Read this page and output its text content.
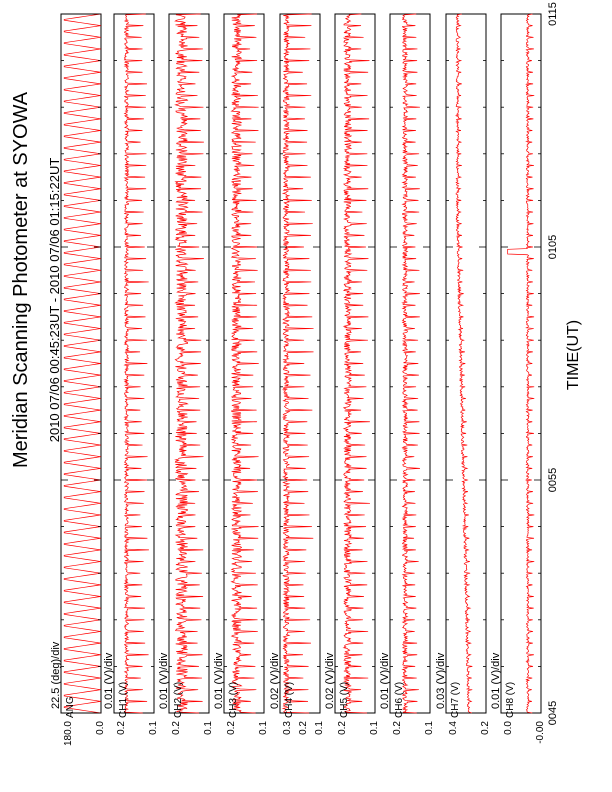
Meridian Scanning Photometer at SYOWA 2010 07/06 00:45:23UT - 2010 07/06 01:15:22UT
ANG
22.5 (deg)/div
180.0 0.0
CH1 (V)
0.01 (V)/div
0.2 0.1
CH2 (V)
0.01 (V)/div
0.2 0.1
CH3 (V)
0.01 (V)/div
0.2 0.1
CH4 (V)
0.02 (V)/div
0.3 0.2 0.1
CH5 (V)
0.02 (V)/div
0.2 0.1
CH6 (V)
0.01 (V)/div
0.2 0.1
CH7 (V)
0.03 (V)/div
0.4 0.2
CH8 (V)
0.01 (V)/div
0.0 -0.00
0045
0055
0105
0115
TIME(UT)
